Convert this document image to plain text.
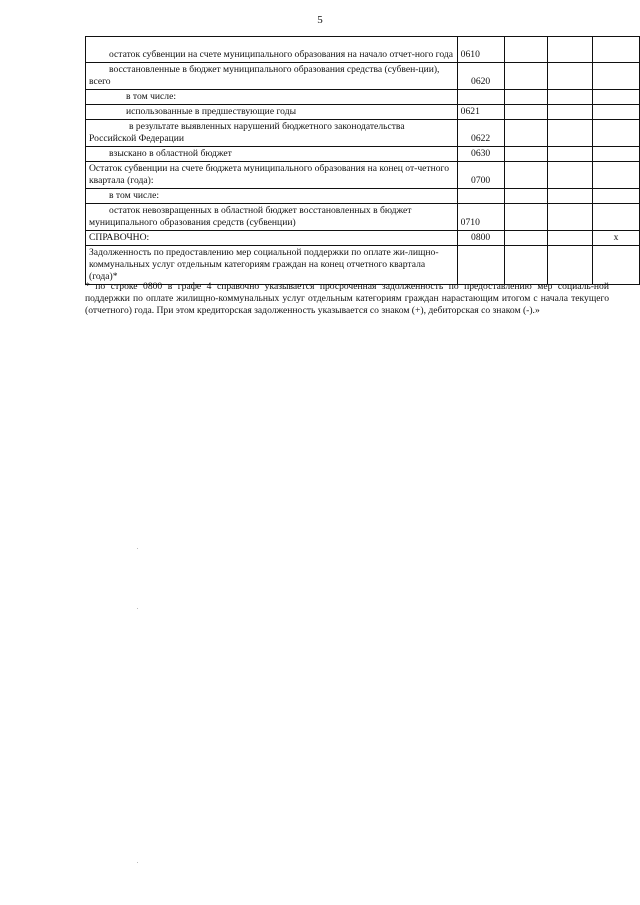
5
остаток субвенции на счете муниципального образования на начало отчет-ного года	0610			
восстановленные в бюджет муниципального образования средства (субвен-ции), всего	0620			
в том числе:				
использованные в предшествующие годы	0621			
в результате выявленных нарушений бюджетного законодательства Российской Федерации	0622			
взыскано в областной бюджет	0630			
Остаток субвенции на счете бюджета муниципального образования на конец от-четного квартала (года):	0700			
в том числе:				
остаток невозвращенных в областной бюджет восстановленных в бюджет муниципального образования средств (субвенции)	0710			
СПРАВОЧНО:	0800			х
Задолженность по предоставлению мер социальной поддержки по оплате жи-лищно-коммунальных услуг отдельным категориям граждан на конец отчетного квартала (года)*				

* по строке 0800 в графе 4 справочно указывается просроченная задолженность по предоставлению мер социаль-ной поддержки по оплате жилищно-коммунальных услуг отдельным категориям граждан нарастающим итогом с начала текущего (отчетного) года. При этом кредиторская задолженность указывается со знаком (+), дебиторская со знаком (-).»
